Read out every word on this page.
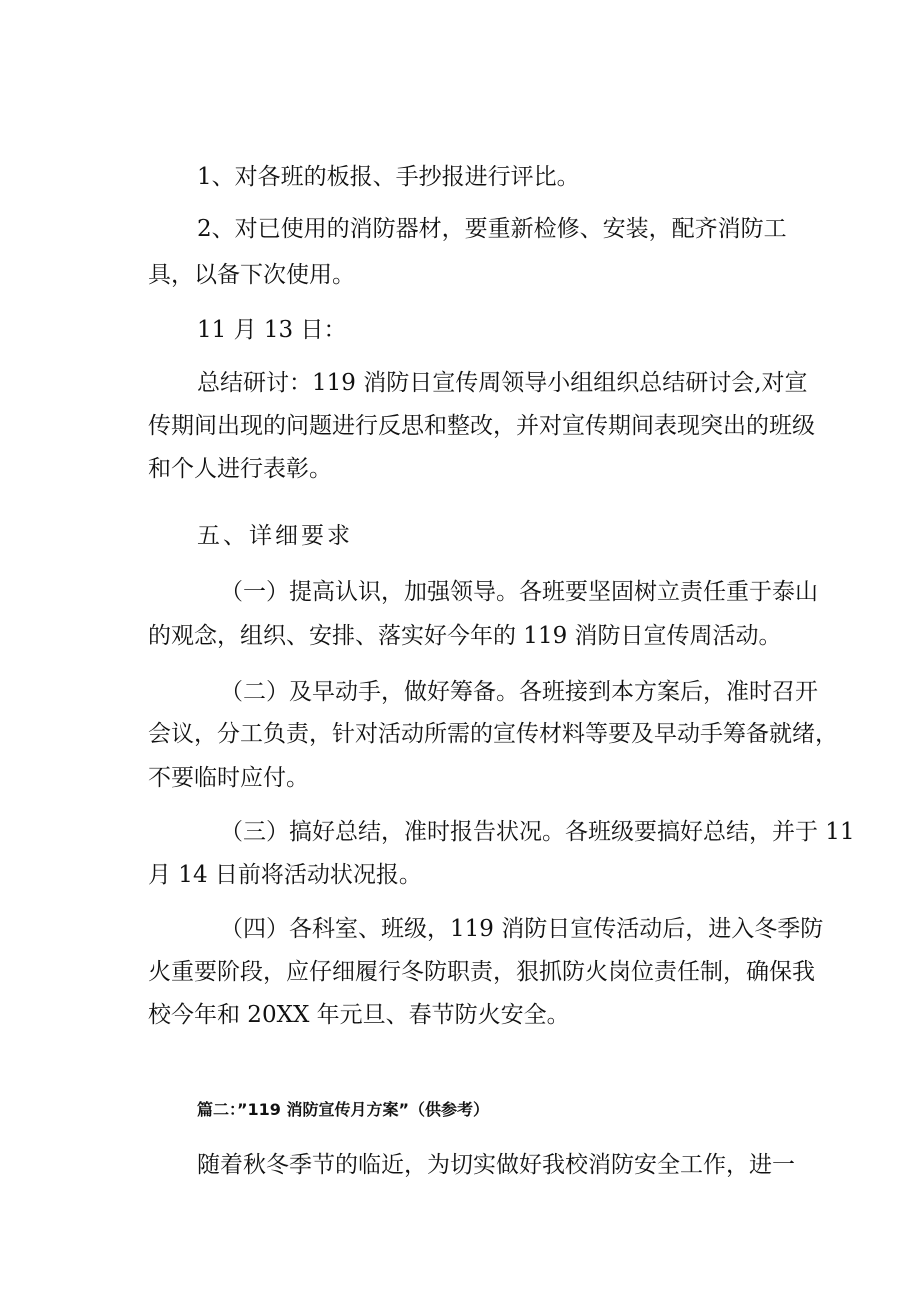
1、对各班的板报、手抄报进行评比。
2、对已使用的消防器材，要重新检修、安装，配齐消防工
具，以备下次使用。
11 月 13 日：
总结研讨：119 消防日宣传周领导小组组织总结研讨会,对宣
传期间出现的问题进行反思和整改，并对宣传期间表现突出的班级
和个人进行表彰。
五、详细要求
（一）提高认识，加强领导。各班要坚固树立责任重于泰山
的观念，组织、安排、落实好今年的 119 消防日宣传周活动。
（二）及早动手，做好筹备。各班接到本方案后，准时召开
会议，分工负责，针对活动所需的宣传材料等要及早动手筹备就绪，
不要临时应付。
（三）搞好总结，准时报告状况。各班级要搞好总结，并于 11
月 14 日前将活动状况报。
（四）各科室、班级，119 消防日宣传活动后，进入冬季防
火重要阶段，应仔细履行冬防职责，狠抓防火岗位责任制，确保我
校今年和 20XX 年元旦、春节防火安全。
篇二：”119 消防宣传月方案”（供参考）
随着秋冬季节的临近，为切实做好我校消防安全工作，进一
